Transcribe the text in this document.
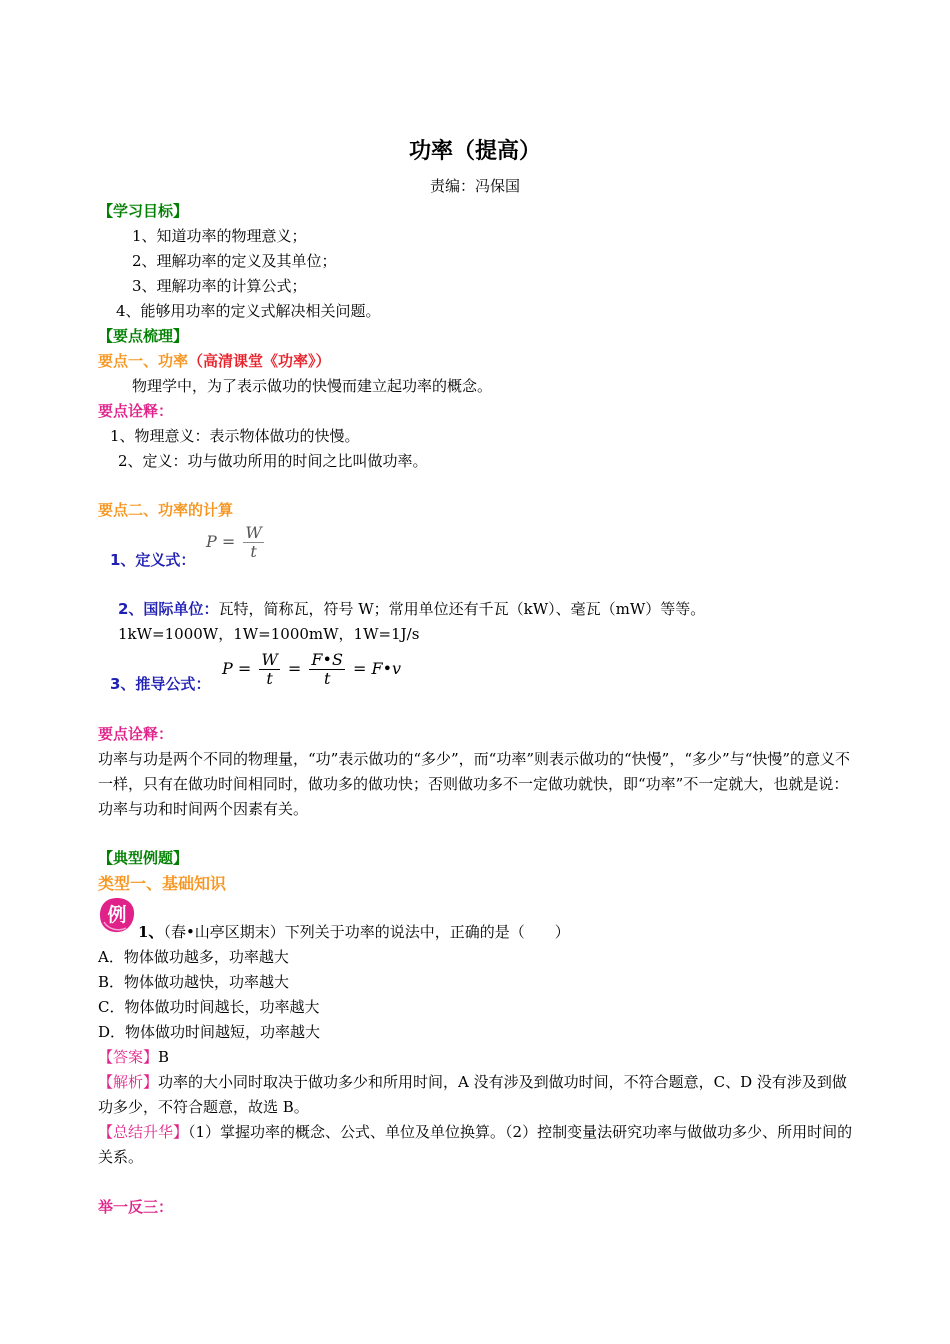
功率（提高）
责编：冯保国
【学习目标】
1、知道功率的物理意义；
2、理解功率的定义及其单位；
3、理解功率的计算公式；
4、能够用功率的定义式解决相关问题。
【要点梳理】
要点一、功率（高清课堂《功率》）
物理学中，为了表示做功的快慢而建立起功率的概念。
要点诠释：
1、物理意义：表示物体做功的快慢。
2、定义：功与做功所用的时间之比叫做功率。
要点二、功率的计算
1、定义式：
$P = \frac{W}{t}$
2、国际单位：瓦特，简称瓦，符号 W；常用单位还有千瓦（kW）、毫瓦（mW）等等。
1kW=1000W，1W=1000mW，1W=1J/s
3、推导公式：
$P = \frac{W}{t} = \frac{F•S}{t}$ = F•v
要点诠释：
功率与功是两个不同的物理量，“功”表示做功的“多少”，而“功率”则表示做功的“快慢”，“多少”与“快慢”的意义不一样，只有在做功时间相同时，做功多的做功快；否则做功多不一定做功就快，即“功率”不一定就大，也就是说：功率与功和时间两个因素有关。
【典型例题】
类型一、基础知识
例
1、（春•山亭区期末）下列关于功率的说法中，正确的是（　　）
A．物体做功越多，功率越大
B．物体做功越快，功率越大
C．物体做功时间越长，功率越大
D．物体做功时间越短，功率越大
【答案】B
【解析】功率的大小同时取决于做功多少和所用时间，A 没有涉及到做功时间，不符合题意，C、D 没有涉及到做功多少，不符合题意，故选 B。
【总结升华】（1）掌握功率的概念、公式、单位及单位换算。（2）控制变量法研究功率与做做功多少、所用时间的关系。
举一反三：
